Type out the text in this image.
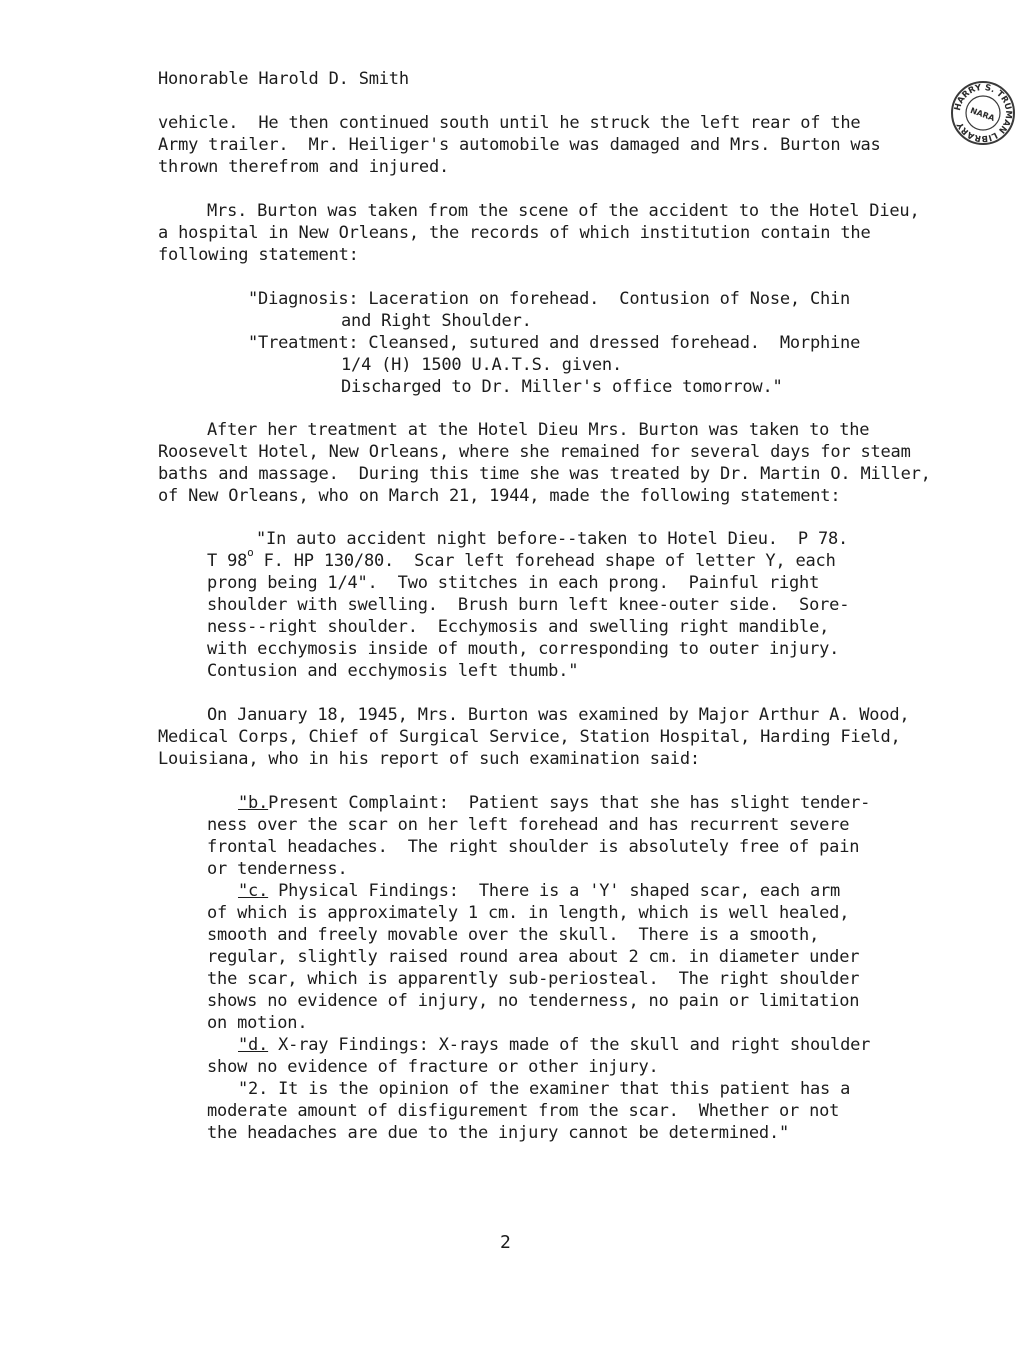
Honorable Harold D. Smith
HARRY S. TRUMAN LIBRARY
NARA
vehicle.  He then continued south until he struck the left rear of the
Army trailer.  Mr. Heiliger's automobile was damaged and Mrs. Burton was
thrown therefrom and injured.
Mrs. Burton was taken from the scene of the accident to the Hotel Dieu,
a hospital in New Orleans, the records of which institution contain the
following statement:
"Diagnosis: Laceration on forehead.  Contusion of Nose, Chin
and Right Shoulder.
"Treatment: Cleansed, sutured and dressed forehead.  Morphine
1/4 (H) 1500 U.A.T.S. given.
Discharged to Dr. Miller's office tomorrow."
After her treatment at the Hotel Dieu Mrs. Burton was taken to the
Roosevelt Hotel, New Orleans, where she remained for several days for steam
baths and massage.  During this time she was treated by Dr. Martin O. Miller,
of New Orleans, who on March 21, 1944, made the following statement:
"In auto accident night before--taken to Hotel Dieu.  P 78.
T 98$^o$ F. HP 130/80.  Scar left forehead shape of letter Y, each
prong being 1/4".  Two stitches in each prong.  Painful right
shoulder with swelling.  Brush burn left knee-outer side.  Sore-
ness--right shoulder.  Ecchymosis and swelling right mandible,
with ecchymosis inside of mouth, corresponding to outer injury.
Contusion and ecchymosis left thumb."
On January 18, 1945, Mrs. Burton was examined by Major Arthur A. Wood,
Medical Corps, Chief of Surgical Service, Station Hospital, Harding Field,
Louisiana, who in his report of such examination said:
"b.Present Complaint:  Patient says that she has slight tender-
ness over the scar on her left forehead and has recurrent severe
frontal headaches.  The right shoulder is absolutely free of pain
or tenderness.
"c. Physical Findings:  There is a 'Y' shaped scar, each arm
of which is approximately 1 cm. in length, which is well healed,
smooth and freely movable over the skull.  There is a smooth,
regular, slightly raised round area about 2 cm. in diameter under
the scar, which is apparently sub-periosteal.  The right shoulder
shows no evidence of injury, no tenderness, no pain or limitation
on motion.
"d. X-ray Findings: X-rays made of the skull and right shoulder
show no evidence of fracture or other injury.
"2. It is the opinion of the examiner that this patient has a
moderate amount of disfigurement from the scar.  Whether or not
the headaches are due to the injury cannot be determined."
2
